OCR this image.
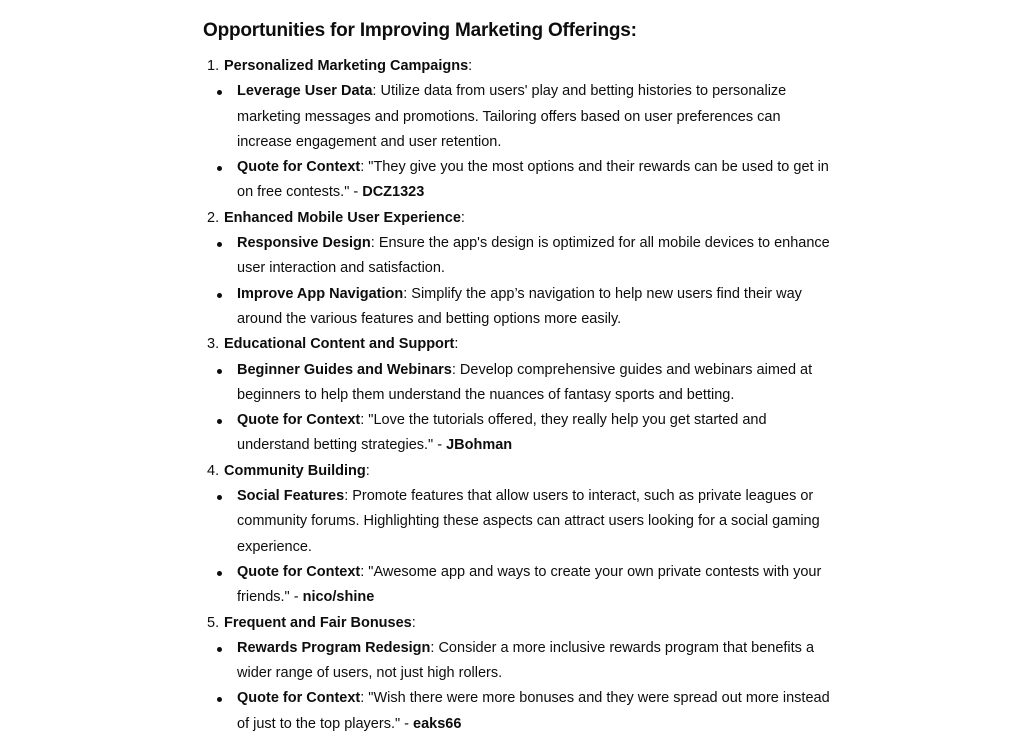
Opportunities for Improving Marketing Offerings:
1. Personalized Marketing Campaigns:
Leverage User Data: Utilize data from users' play and betting histories to personalize marketing messages and promotions. Tailoring offers based on user preferences can increase engagement and user retention.
Quote for Context: "They give you the most options and their rewards can be used to get in on free contests." - DCZ1323
2. Enhanced Mobile User Experience:
Responsive Design: Ensure the app's design is optimized for all mobile devices to enhance user interaction and satisfaction.
Improve App Navigation: Simplify the app’s navigation to help new users find their way around the various features and betting options more easily.
3. Educational Content and Support:
Beginner Guides and Webinars: Develop comprehensive guides and webinars aimed at beginners to help them understand the nuances of fantasy sports and betting.
Quote for Context: "Love the tutorials offered, they really help you get started and understand betting strategies." - JBohman
4. Community Building:
Social Features: Promote features that allow users to interact, such as private leagues or community forums. Highlighting these aspects can attract users looking for a social gaming experience.
Quote for Context: "Awesome app and ways to create your own private contests with your friends." - nico/shine
5. Frequent and Fair Bonuses:
Rewards Program Redesign: Consider a more inclusive rewards program that benefits a wider range of users, not just high rollers.
Quote for Context: "Wish there were more bonuses and they were spread out more instead of just to the top players." - eaks66
